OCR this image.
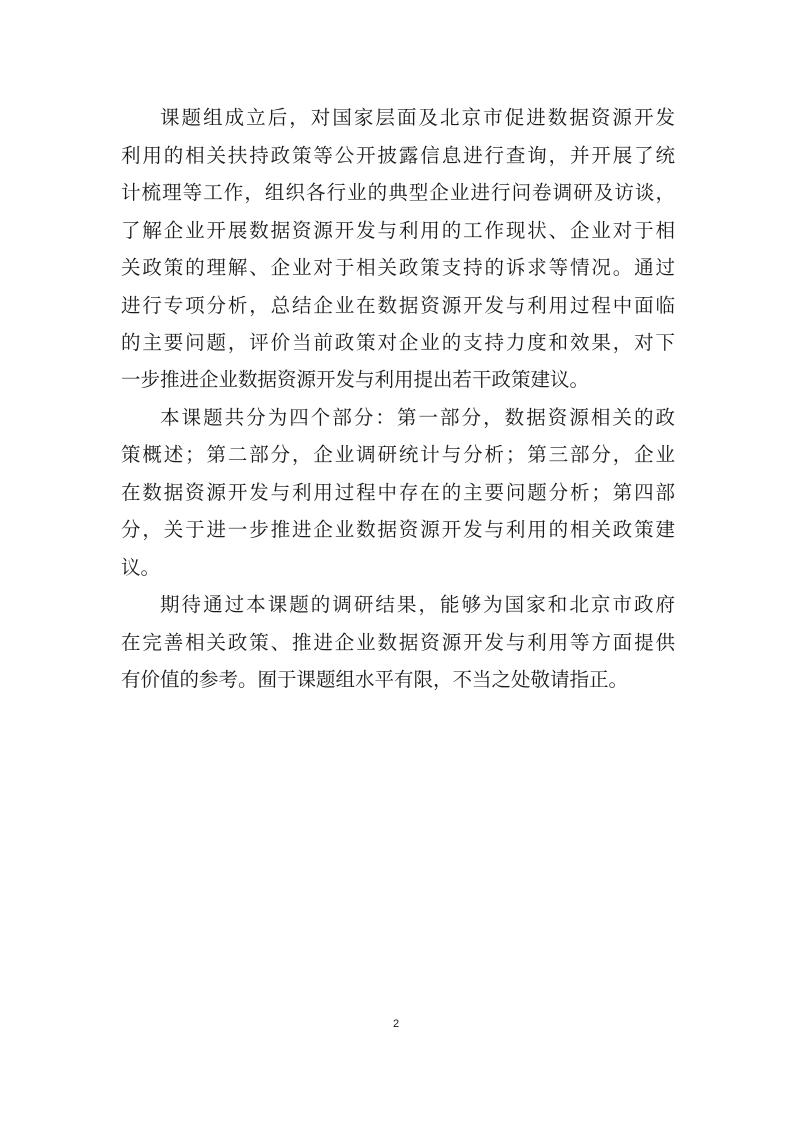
课题组成立后，对国家层面及北京市促进数据资源开发
利用的相关扶持政策等公开披露信息进行查询，并开展了统
计梳理等工作，组织各行业的典型企业进行问卷调研及访谈，
了解企业开展数据资源开发与利用的工作现状、企业对于相
关政策的理解、企业对于相关政策支持的诉求等情况。通过
进行专项分析，总结企业在数据资源开发与利用过程中面临
的主要问题，评价当前政策对企业的支持力度和效果，对下
一步推进企业数据资源开发与利用提出若干政策建议。
本课题共分为四个部分：第一部分，数据资源相关的政
策概述；第二部分，企业调研统计与分析；第三部分，企业
在数据资源开发与利用过程中存在的主要问题分析；第四部
分，关于进一步推进企业数据资源开发与利用的相关政策建
议。
期待通过本课题的调研结果，能够为国家和北京市政府
在完善相关政策、推进企业数据资源开发与利用等方面提供
有价值的参考。囿于课题组水平有限，不当之处敬请指正。
2
